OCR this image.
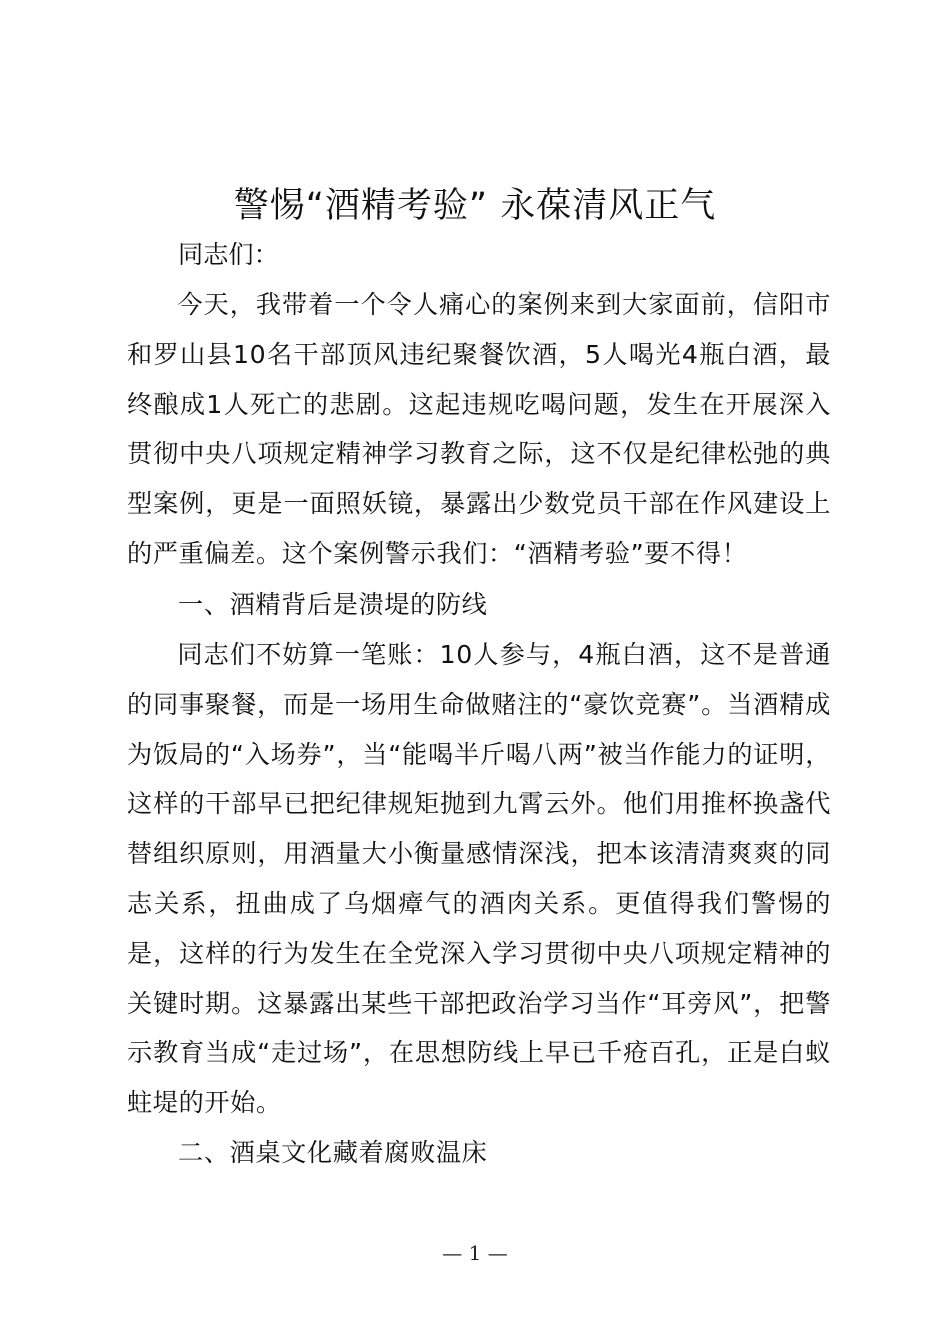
警惕“酒精考验” 永葆清风正气
同志们：

今天，我带着一个令人痛心的案例来到大家面前，信阳市和罗山县10名干部顶风违纪聚餐饮酒，5人喝光4瓶白酒，最终酿成1人死亡的悲剧。这起违规吃喝问题，发生在开展深入贯彻中央八项规定精神学习教育之际，这不仅是纪律松弛的典型案例，更是一面照妖镜，暴露出少数党员干部在作风建设上的严重偏差。这个案例警示我们：“酒精考验”要不得！

一、酒精背后是溃堤的防线

同志们不妨算一笔账：10人参与，4瓶白酒，这不是普通的同事聚餐，而是一场用生命做赌注的“豪饮竞赛”。当酒精成为饭局的“入场券”，当“能喝半斤喝八两”被当作能力的证明，这样的干部早已把纪律规矩抛到九霄云外。他们用推杯换盏代替组织原则，用酒量大小衡量感情深浅，把本该清清爽爽的同志关系，扭曲成了乌烟瘴气的酒肉关系。更值得我们警惕的是，这样的行为发生在全党深入学习贯彻中央八项规定精神的关键时期。这暴露出某些干部把政治学习当作“耳旁风”，把警示教育当成“走过场”，在思想防线上早已千疮百孔，正是白蚁蛀堤的开始。

二、酒桌文化藏着腐败温床
— 1 —
